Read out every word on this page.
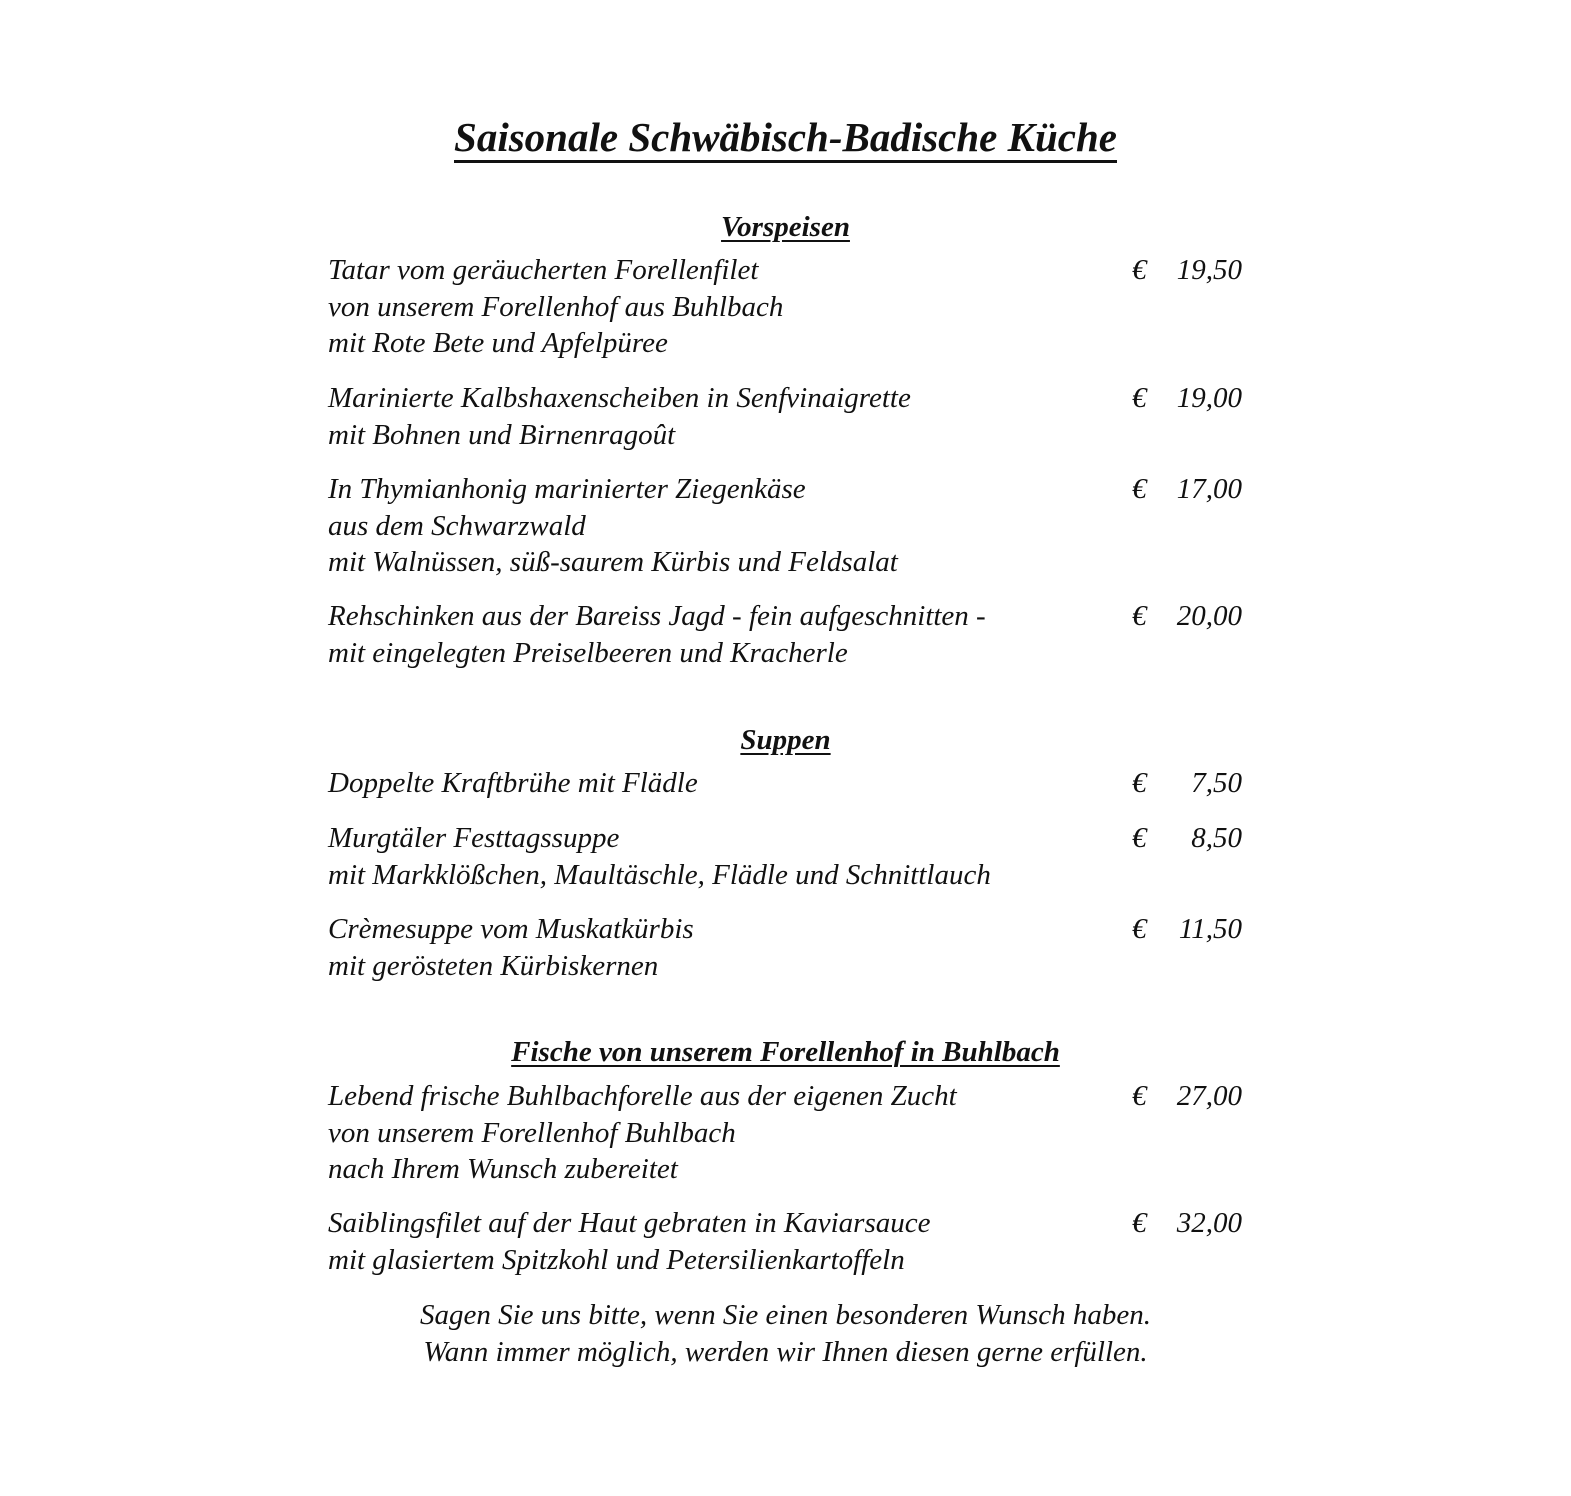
Saisonale Schwäbisch-Badische Küche
Vorspeisen
Tatar vom geräucherten Forellenfilet
von unserem Forellenhof aus Buhlbach
mit Rote Bete und Apfelpüree
€ 19,50
Marinierte Kalbshaxenscheiben in Senfvinaigrette
mit Bohnen und Birnenragoût
€ 19,00
In Thymianhonig marinierter Ziegenkäse
aus dem Schwarzwald
mit Walnüssen, süß-saurem Kürbis und Feldsalat
€ 17,00
Rehschinken aus der Bareiss Jagd - fein aufgeschnitten -
mit eingelegten Preiselbeeren und Kracherle
€ 20,00
Suppen
Doppelte Kraftbrühe mit Flädle	€ 7,50
Murgtäler Festtagssuppe
mit Markklößchen, Maultäschle, Flädle und Schnittlauch
€ 8,50
Crèmesuppe vom Muskatkürbis
mit gerösteten Kürbiskernen
€ 11,50
Fische von unserem Forellenhof in Buhlbach
Lebend frische Buhlbachforelle aus der eigenen Zucht
von unserem Forellenhof Buhlbach
nach Ihrem Wunsch zubereitet
€ 27,00
Saiblingsfilet auf der Haut gebraten in Kaviarsauce
mit glasiertem Spitzkohl und Petersilienkartoffeln
€ 32,00
Sagen Sie uns bitte, wenn Sie einen besonderen Wunsch haben.
Wann immer möglich, werden wir Ihnen diesen gerne erfüllen.
